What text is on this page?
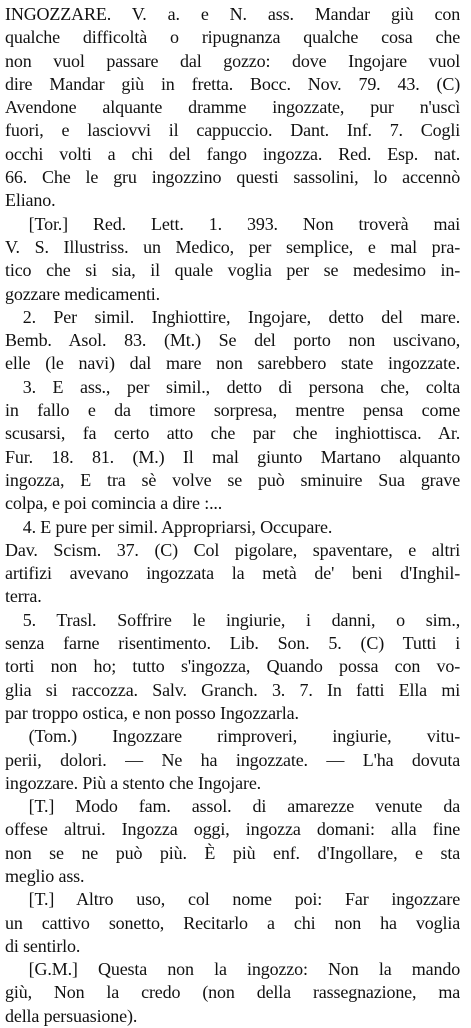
INGOZZARE. V. a. e N. ass. Mandar giù con
qualche difficoltà o ripugnanza qualche cosa che
non vuol passare dal gozzo: dove Ingojare vuol
dire Mandar giù in fretta. Bocc. Nov. 79. 43. (C)
Avendone alquante dramme ingozzate, pur n'uscì
fuori, e lasciovvi il cappuccio. Dant. Inf. 7. Cogli
occhi volti a chi del fango ingozza. Red. Esp. nat.
66. Che le gru ingozzino questi sassolini, lo accennò
Eliano.
[Tor.] Red. Lett. 1. 393. Non troverà mai
V. S. Illustriss. un Medico, per semplice, e mal pra-
tico che si sia, il quale voglia per se medesimo in-
gozzare medicamenti.
2. Per simil. Inghiottire, Ingojare, detto del mare.
Bemb. Asol. 83. (Mt.) Se del porto non uscivano,
elle (le navi) dal mare non sarebbero state ingozzate.
3. E ass., per simil., detto di persona che, colta
in fallo e da timore sorpresa, mentre pensa come
scusarsi, fa certo atto che par che inghiottisca. Ar.
Fur. 18. 81. (M.) Il mal giunto Martano alquanto
ingozza, E tra sè volve se può sminuire Sua grave
colpa, e poi comincia a dire :...
4. E pure per simil. Appropriarsi, Occupare.
Dav. Scism. 37. (C) Col pigolare, spaventare, e altri
artifizi avevano ingozzata la metà de' beni d'Inghil-
terra.
5. Trasl. Soffrire le ingiurie, i danni, o sim.,
senza farne risentimento. Lib. Son. 5. (C) Tutti i
torti non ho; tutto s'ingozza, Quando possa con vo-
glia si raccozza. Salv. Granch. 3. 7. In fatti Ella mi
par troppo ostica, e non posso Ingozzarla.
(Tom.) Ingozzare rimproveri, ingiurie, vitu-
perii, dolori. — Ne ha ingozzate. — L'ha dovuta
ingozzare. Più a stento che Ingojare.
[T.] Modo fam. assol. di amarezze venute da
offese altrui. Ingozza oggi, ingozza domani: alla fine
non se ne può più. È più enf. d'Ingollare, e sta
meglio ass.
[T.] Altro uso, col nome poi: Far ingozzare
un cattivo sonetto, Recitarlo a chi non ha voglia
di sentirlo.
[G.M.] Questa non la ingozzo: Non la mando
giù, Non la credo (non della rassegnazione, ma
della persuasione).
